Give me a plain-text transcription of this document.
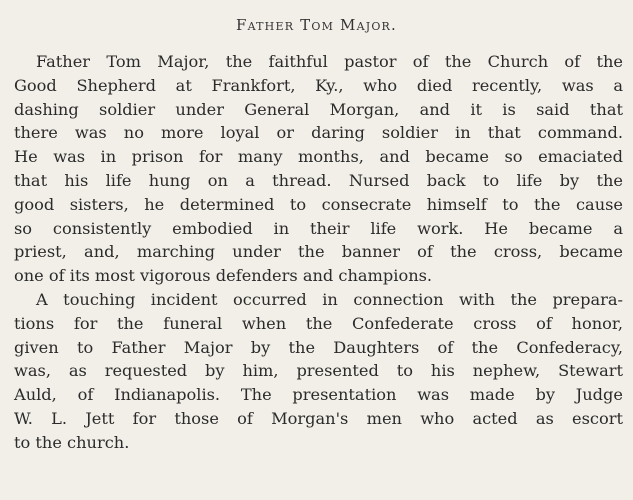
Father Tom Major.
Father Tom Major, the faithful pastor of the Church of the
Good Shepherd at Frankfort, Ky., who died recently, was a
dashing soldier under General Morgan, and it is said that
there was no more loyal or daring soldier in that command.
He was in prison for many months, and became so emaciated
that his life hung on a thread. Nursed back to life by the
good sisters, he determined to consecrate himself to the cause
so consistently embodied in their life work. He became a
priest, and, marching under the banner of the cross, became
one of its most vigorous defenders and champions.
A touching incident occurred in connection with the prepara-
tions for the funeral when the Confederate cross of honor,
given to Father Major by the Daughters of the Confederacy,
was, as requested by him, presented to his nephew, Stewart
Auld, of Indianapolis. The presentation was made by Judge
W. L. Jett for those of Morgan's men who acted as escort
to the church.
